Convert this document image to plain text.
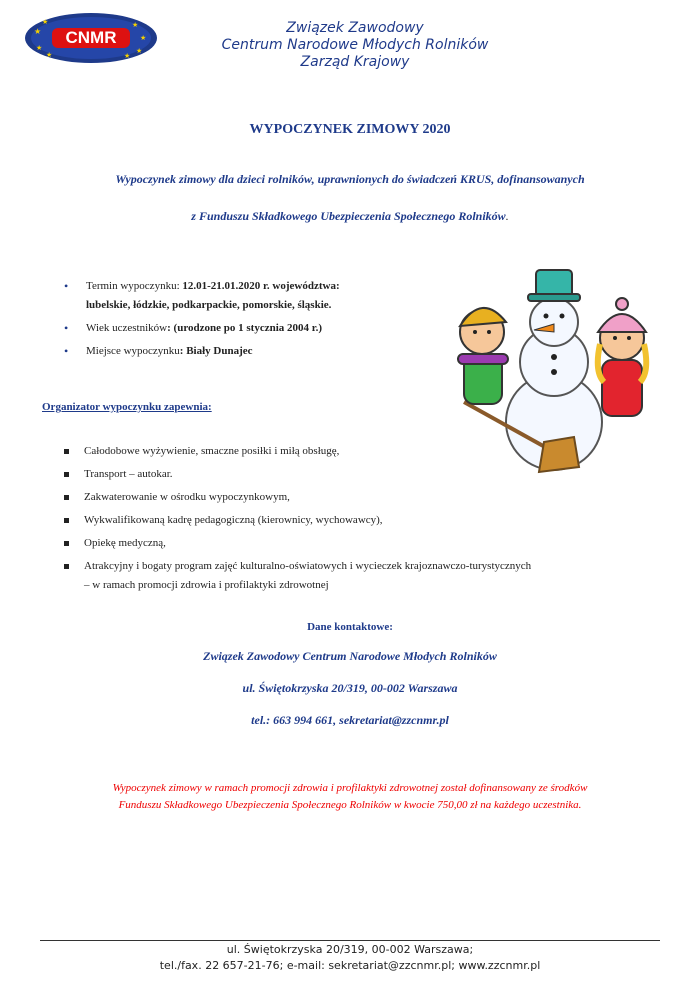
★
★
★
★
★
★
★
★
CNMR	Związek Zawodowy
Centrum Narodowe Młodych Rolników
Zarząd Krajowy
WYPOCZYNEK ZIMOWY 2020
Wypoczynek zimowy dla dzieci rolników, uprawnionych do świadczeń KRUS, dofinansowanych
z Funduszu Składkowego Ubezpieczenia Społecznego Rolników.
• Termin wypoczynku: 12.01-21.01.2020 r. województwa:
lubelskie, łódzkie, podkarpackie, pomorskie, śląskie.
• Wiek uczestników: (urodzone po 1 stycznia 2004 r.)
• Miejsce wypoczynku: Biały Dunajec
Organizator wypoczynku zapewnia:
Całodobowe wyżywienie, smaczne posiłki i miłą obsługę,
Transport – autokar.
Zakwaterowanie w ośrodku wypoczynkowym,
Wykwalifikowaną kadrę pedagogiczną (kierownicy, wychowawcy),
Opiekę medyczną,
Atrakcyjny i bogaty program zajęć kulturalno-oświatowych i wycieczek krajoznawczo-turystycznych
– w ramach promocji zdrowia i profilaktyki zdrowotnej
Dane kontaktowe:
Związek Zawodowy Centrum Narodowe Młodych Rolników
ul. Świętokrzyska 20/319, 00-002 Warszawa
tel.: 663 994 661, sekretariat@zzcnmr.pl
Wypoczynek zimowy w ramach promocji zdrowia i profilaktyki zdrowotnej został dofinansowany ze środków
Funduszu Składkowego Ubezpieczenia Społecznego Rolników w kwocie 750,00 zł na każdego uczestnika.
ul. Świętokrzyska 20/319, 00-002 Warszawa;
tel./fax. 22 657-21-76; e-mail: sekretariat@zzcnmr.pl; www.zzcnmr.pl
